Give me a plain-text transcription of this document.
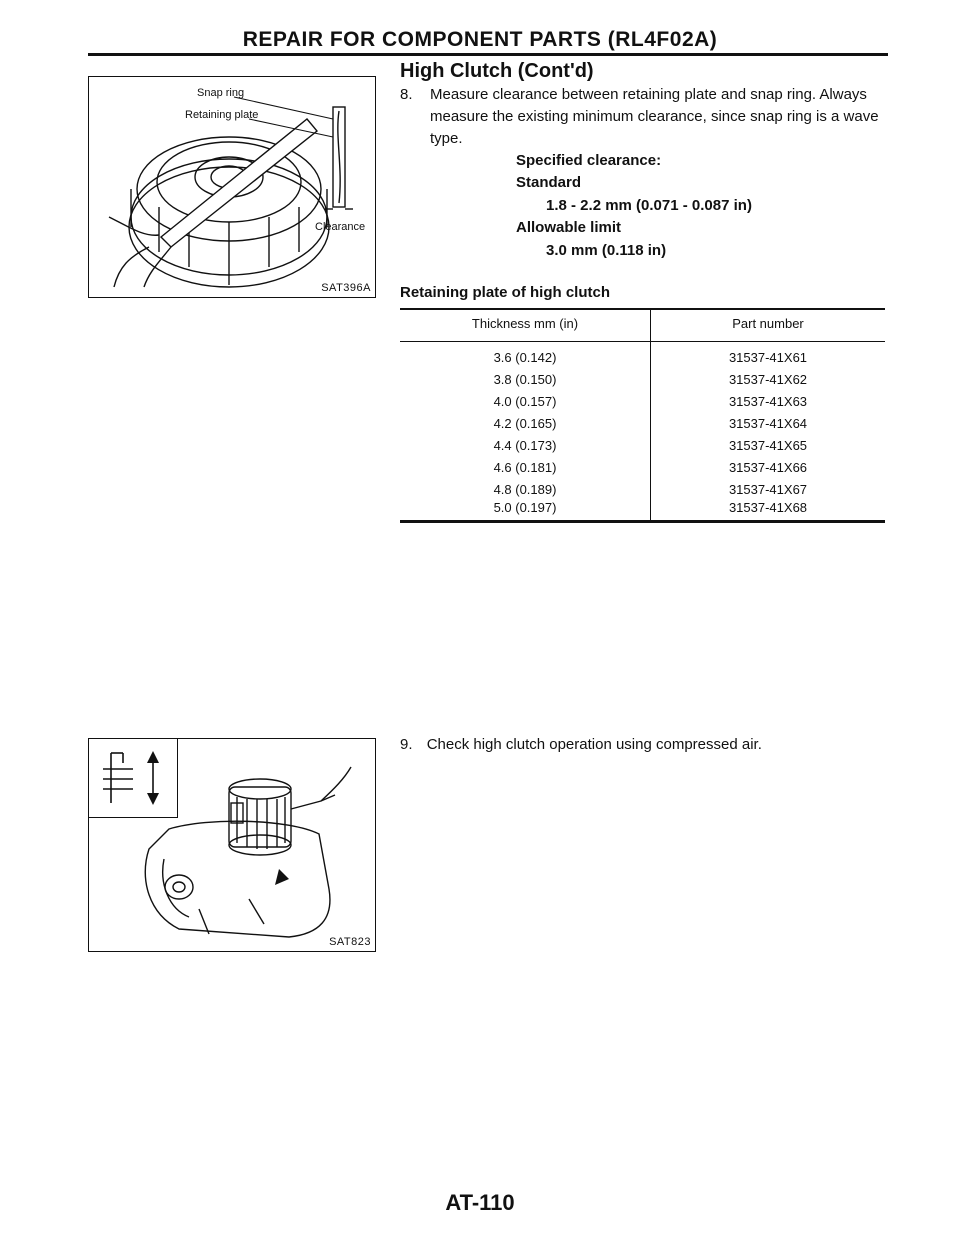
REPAIR FOR COMPONENT PARTS (RL4F02A)
High Clutch (Cont'd)
8. Measure clearance between retaining plate and snap ring. Always measure the existing minimum clearance, since snap ring is a wave type.
Specified clearance:
Standard
1.8 - 2.2 mm (0.071 - 0.087 in)
Allowable limit
3.0 mm (0.118 in)
Snap ring
Retaining plate
Clearance
SAT396A Retaining plate of high clutch
Thickness mm (in)	Part number
3.6 (0.142)	31537-41X61
3.8 (0.150)	31537-41X62
4.0 (0.157)	31537-41X63
4.2 (0.165)	31537-41X64
4.4 (0.173)	31537-41X65
4.6 (0.181)	31537-41X66
4.8 (0.189)	31537-41X67
5.0 (0.197)	31537-41X68
9. Check high clutch operation using compressed air.
SAT823
AT-110
